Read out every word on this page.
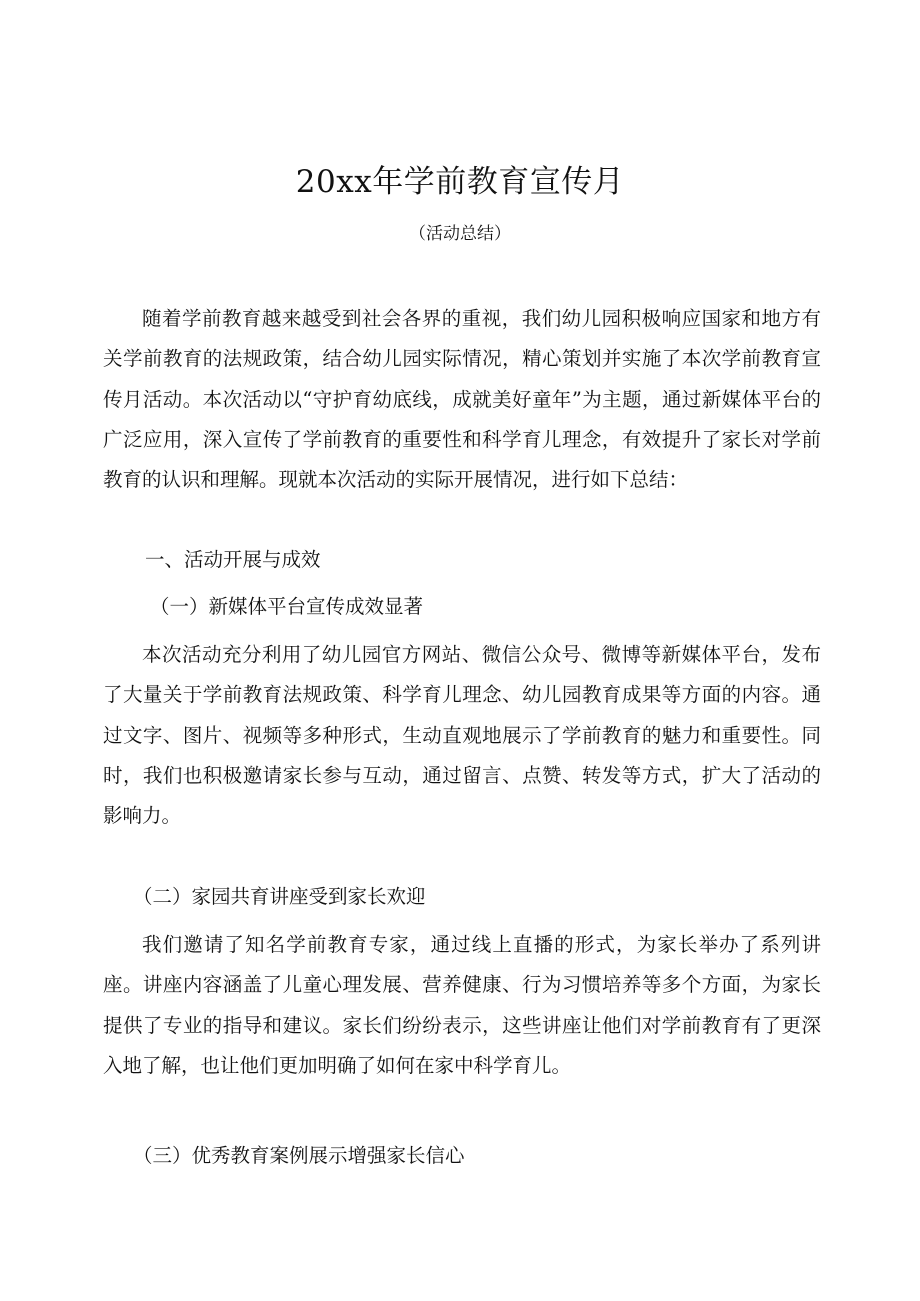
20xx年学前教育宣传月
（活动总结）

随着学前教育越来越受到社会各界的重视，我们幼儿园积极响应国家和地方有关学前教育的法规政策，结合幼儿园实际情况，精心策划并实施了本次学前教育宣传月活动。本次活动以“守护育幼底线，成就美好童年”为主题，通过新媒体平台的广泛应用，深入宣传了学前教育的重要性和科学育儿理念，有效提升了家长对学前教育的认识和理解。现就本次活动的实际开展情况，进行如下总结：

一、活动开展与成效

（一）新媒体平台宣传成效显著

本次活动充分利用了幼儿园官方网站、微信公众号、微博等新媒体平台，发布了大量关于学前教育法规政策、科学育儿理念、幼儿园教育成果等方面的内容。通过文字、图片、视频等多种形式，生动直观地展示了学前教育的魅力和重要性。同时，我们也积极邀请家长参与互动，通过留言、点赞、转发等方式，扩大了活动的影响力。

（二）家园共育讲座受到家长欢迎

我们邀请了知名学前教育专家，通过线上直播的形式，为家长举办了系列讲座。讲座内容涵盖了儿童心理发展、营养健康、行为习惯培养等多个方面，为家长提供了专业的指导和建议。家长们纷纷表示，这些讲座让他们对学前教育有了更深入地了解，也让他们更加明确了如何在家中科学育儿。

（三）优秀教育案例展示增强家长信心
